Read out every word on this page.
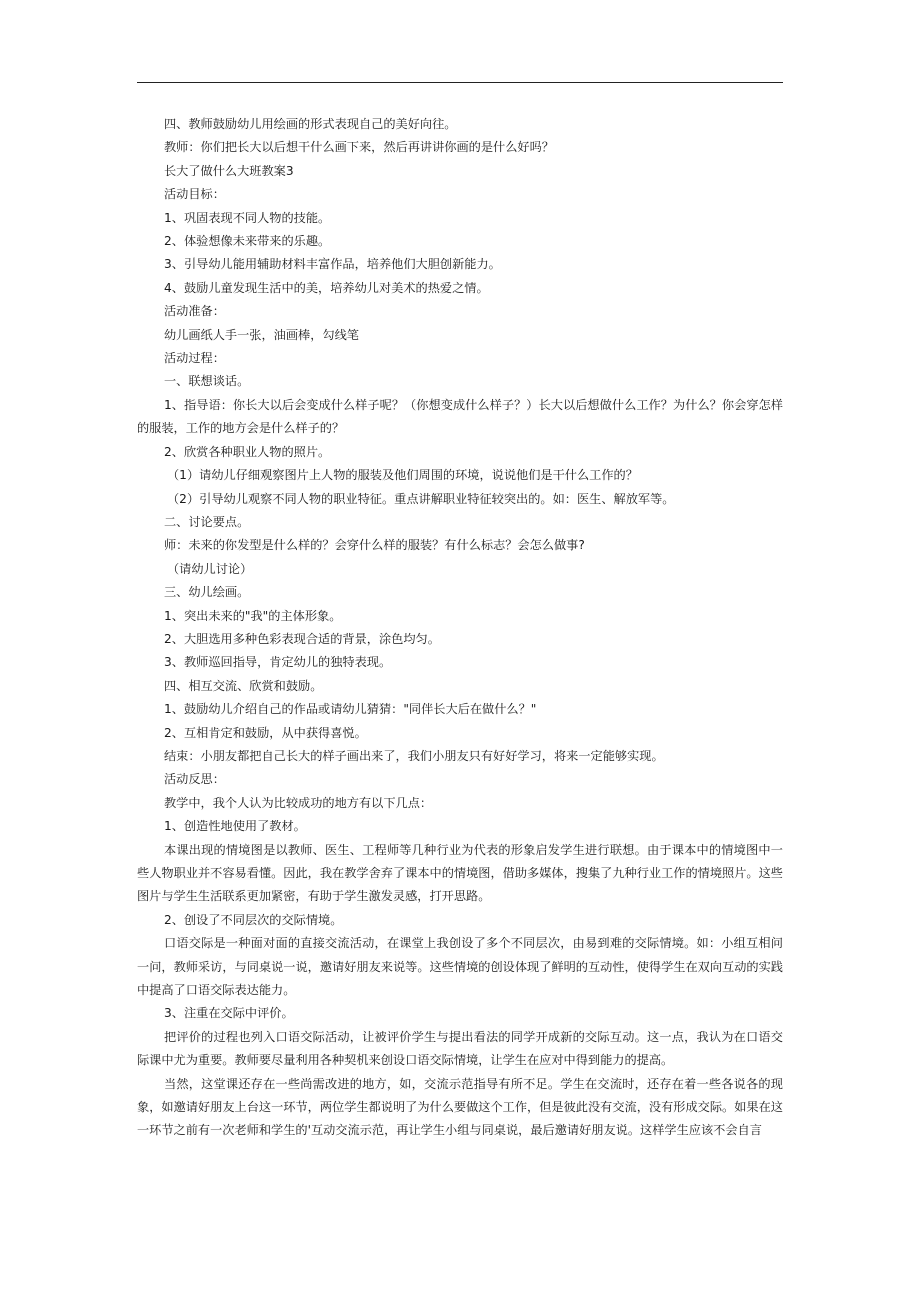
四、教师鼓励幼儿用绘画的形式表现自己的美好向往。

教师：你们把长大以后想干什么画下来，然后再讲讲你画的是什么好吗？

长大了做什么大班教案3

活动目标：

1、巩固表现不同人物的技能。

2、体验想像未来带来的乐趣。

3、引导幼儿能用辅助材料丰富作品，培养他们大胆创新能力。

4、鼓励儿童发现生活中的美，培养幼儿对美术的热爱之情。

活动准备：

幼儿画纸人手一张，油画棒，勾线笔

活动过程：

一、联想谈话。

1、指导语：你长大以后会变成什么样子呢？（你想变成什么样子？）长大以后想做什么工作？为什么？你会穿怎样的服装，工作的地方会是什么样子的？

2、欣赏各种职业人物的照片。

（1）请幼儿仔细观察图片上人物的服装及他们周围的环境，说说他们是干什么工作的？

（2）引导幼儿观察不同人物的职业特征。重点讲解职业特征较突出的。如：医生、解放军等。

二、讨论要点。

师：未来的你发型是什么样的？会穿什么样的服装？有什么标志？会怎么做事?

（请幼儿讨论）

三、幼儿绘画。

1、突出未来的"我"的主体形象。

2、大胆选用多种色彩表现合适的背景，涂色均匀。

3、教师巡回指导，肯定幼儿的独特表现。

四、相互交流、欣赏和鼓励。

1、鼓励幼儿介绍自己的作品或请幼儿猜猜："同伴长大后在做什么？"

2、互相肯定和鼓励，从中获得喜悦。

结束：小朋友都把自己长大的样子画出来了，我们小朋友只有好好学习，将来一定能够实现。

活动反思：

教学中，我个人认为比较成功的地方有以下几点：

1、创造性地使用了教材。

本课出现的情境图是以教师、医生、工程师等几种行业为代表的形象启发学生进行联想。由于课本中的情境图中一些人物职业并不容易看懂。因此，我在教学舍弃了课本中的情境图，借助多媒体，搜集了九种行业工作的情境照片。这些图片与学生生活联系更加紧密，有助于学生激发灵感，打开思路。

2、创设了不同层次的交际情境。

口语交际是一种面对面的直接交流活动，在课堂上我创设了多个不同层次，由易到难的交际情境。如：小组互相问一问，教师采访，与同桌说一说，邀请好朋友来说等。这些情境的创设体现了鲜明的互动性，使得学生在双向互动的实践中提高了口语交际表达能力。

3、注重在交际中评价。

把评价的过程也列入口语交际活动，让被评价学生与提出看法的同学开成新的交际互动。这一点，我认为在口语交际课中尤为重要。教师要尽量利用各种契机来创设口语交际情境，让学生在应对中得到能力的提高。

当然，这堂课还存在一些尚需改进的地方，如，交流示范指导有所不足。学生在交流时，还存在着一些各说各的现象，如邀请好朋友上台这一环节，两位学生都说明了为什么要做这个工作，但是彼此没有交流，没有形成交际。如果在这一环节之前有一次老师和学生的'互动交流示范，再让学生小组与同桌说，最后邀请好朋友说。这样学生应该不会自言
